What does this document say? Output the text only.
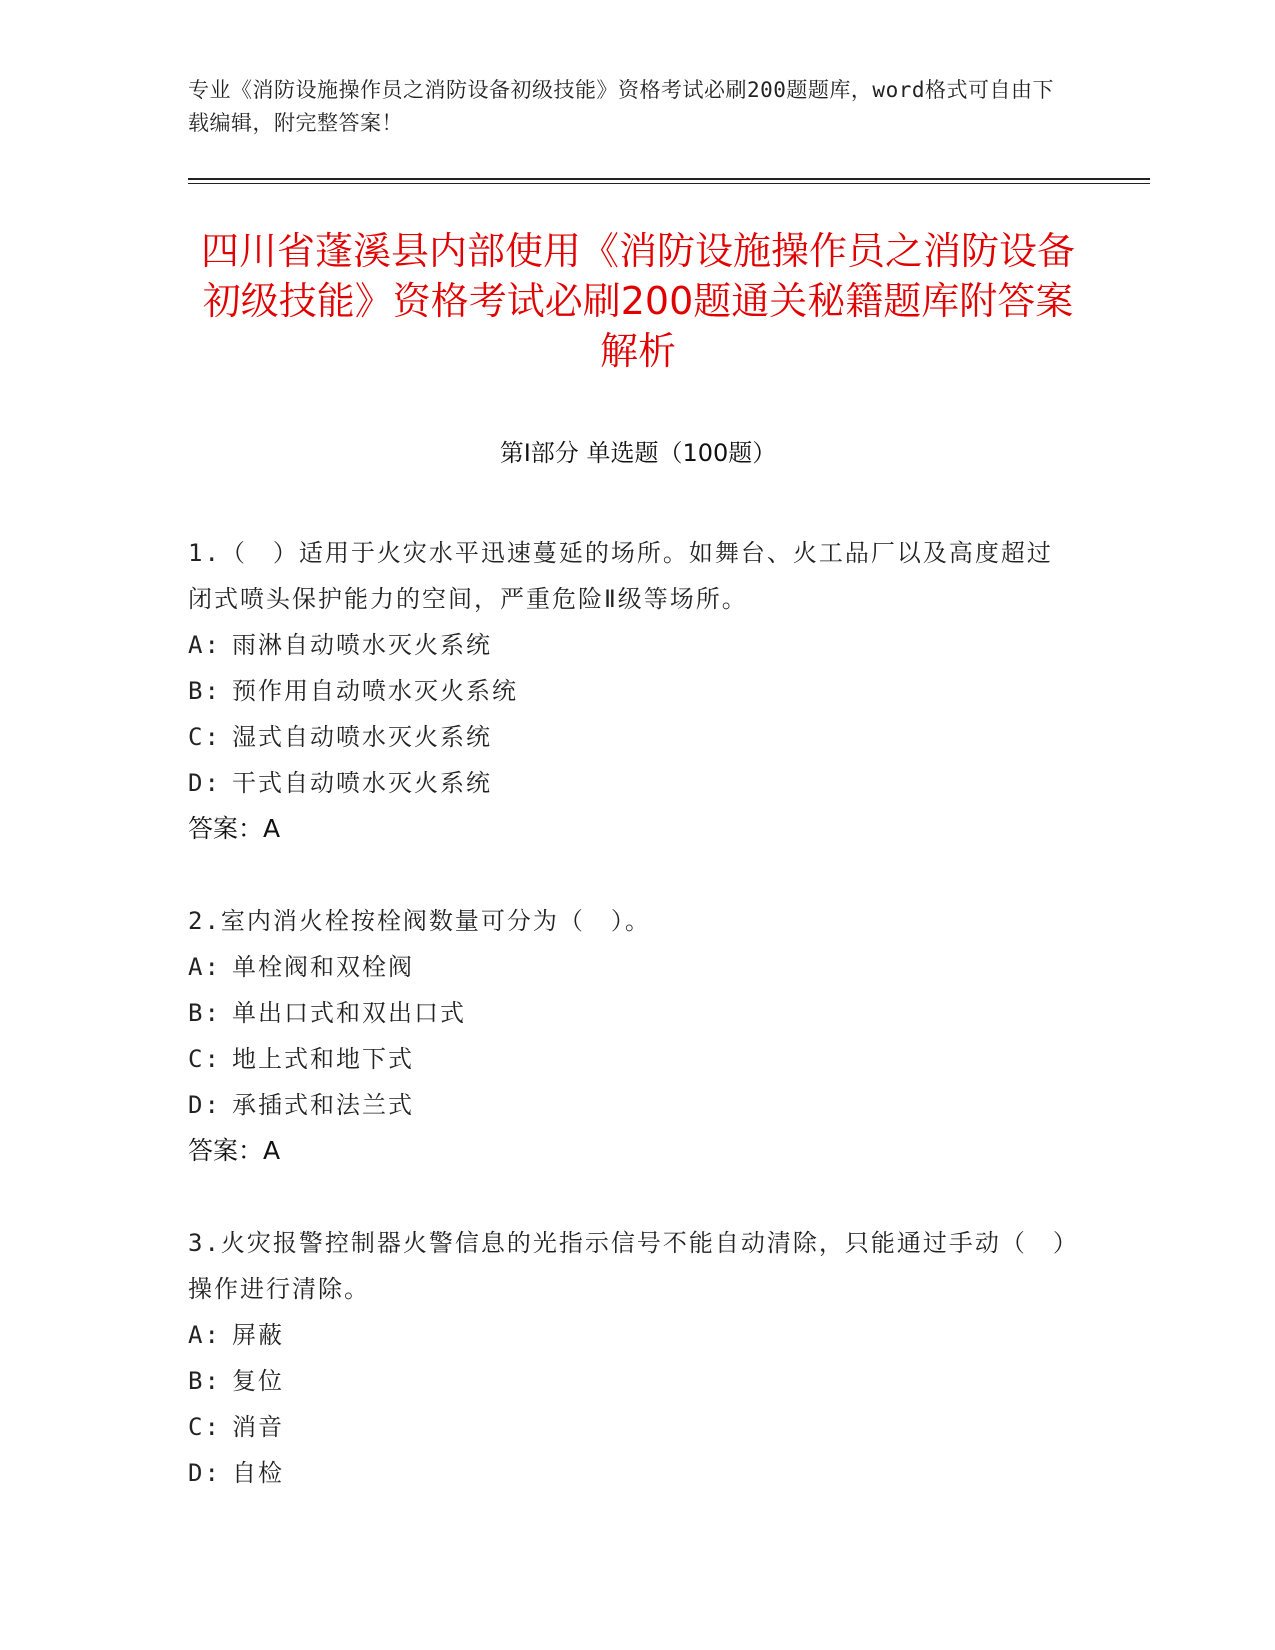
专业《消防设施操作员之消防设备初级技能》资格考试必刷200题题库，word格式可自由下载编辑，附完整答案！
四川省蓬溪县内部使用《消防设施操作员之消防设备初级技能》资格考试必刷200题通关秘籍题库附答案解析
第Ⅰ部分 单选题（100题）
1.（　）适用于火灾水平迅速蔓延的场所。如舞台、火工品厂以及高度超过闭式喷头保护能力的空间，严重危险Ⅱ级等场所。
A: 雨淋自动喷水灭火系统
B: 预作用自动喷水灭火系统
C: 湿式自动喷水灭火系统
D: 干式自动喷水灭火系统
答案：A
2.室内消火栓按栓阀数量可分为（　）。
A: 单栓阀和双栓阀
B: 单出口式和双出口式
C: 地上式和地下式
D: 承插式和法兰式
答案：A
3.火灾报警控制器火警信息的光指示信号不能自动清除，只能通过手动（　）操作进行清除。
A: 屏蔽
B: 复位
C: 消音
D: 自检
